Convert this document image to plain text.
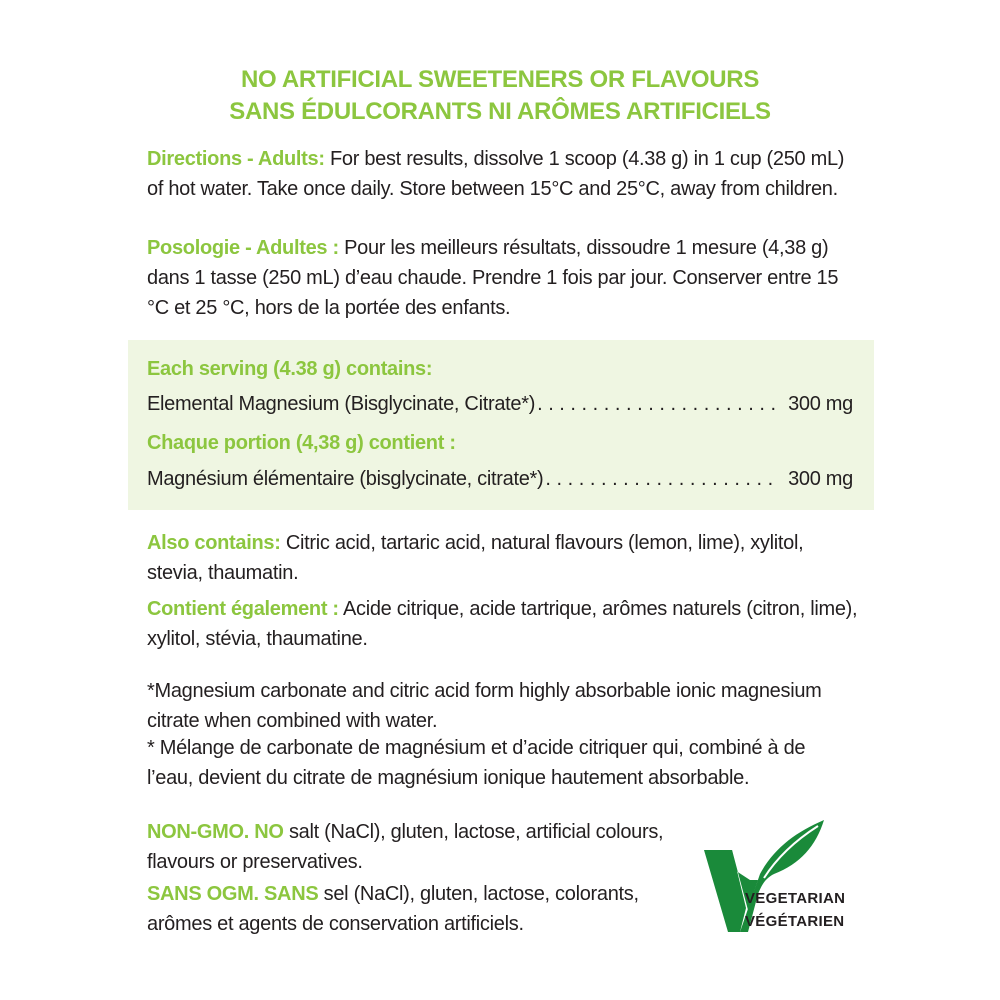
NO ARTIFICIAL SWEETENERS OR FLAVOURS
SANS ÉDULCORANTS NI ARÔMES ARTIFICIELS
Directions - Adults: For best results, dissolve 1 scoop (4.38 g) in 1 cup (250 mL) of hot water. Take once daily. Store between 15°C and 25°C, away from children.
Posologie - Adultes : Pour les meilleurs résultats, dissoudre 1 mesure (4,38 g) dans 1 tasse (250 mL) d’eau chaude. Prendre 1 fois par jour. Conserver entre 15 °C et 25 °C, hors de la portée des enfants.
Each serving (4.38 g) contains:
Elemental Magnesium (Bisglycinate, Citrate*) . . .	300 mg
Chaque portion (4,38 g) contient :
Magnésium élémentaire (bisglycinate, citrate*) . . .	300 mg
Also contains: Citric acid, tartaric acid, natural flavours (lemon, lime), xylitol, stevia, thaumatin.
Contient également : Acide citrique, acide tartrique, arômes naturels (citron, lime), xylitol, stévia, thaumatine.
*Magnesium carbonate and citric acid form highly absorbable ionic magnesium citrate when combined with water.
* Mélange de carbonate de magnésium et d’acide citriquer qui, combiné à de l’eau, devient du citrate de magnésium ionique hautement absorbable.
NON-GMO. NO salt (NaCl), gluten, lactose, artificial colours, flavours or preservatives.
SANS OGM. SANS sel (NaCl), gluten, lactose, colorants, arômes et agents de conservation artificiels.
VEGETARIAN
VÉGÉTARIEN
